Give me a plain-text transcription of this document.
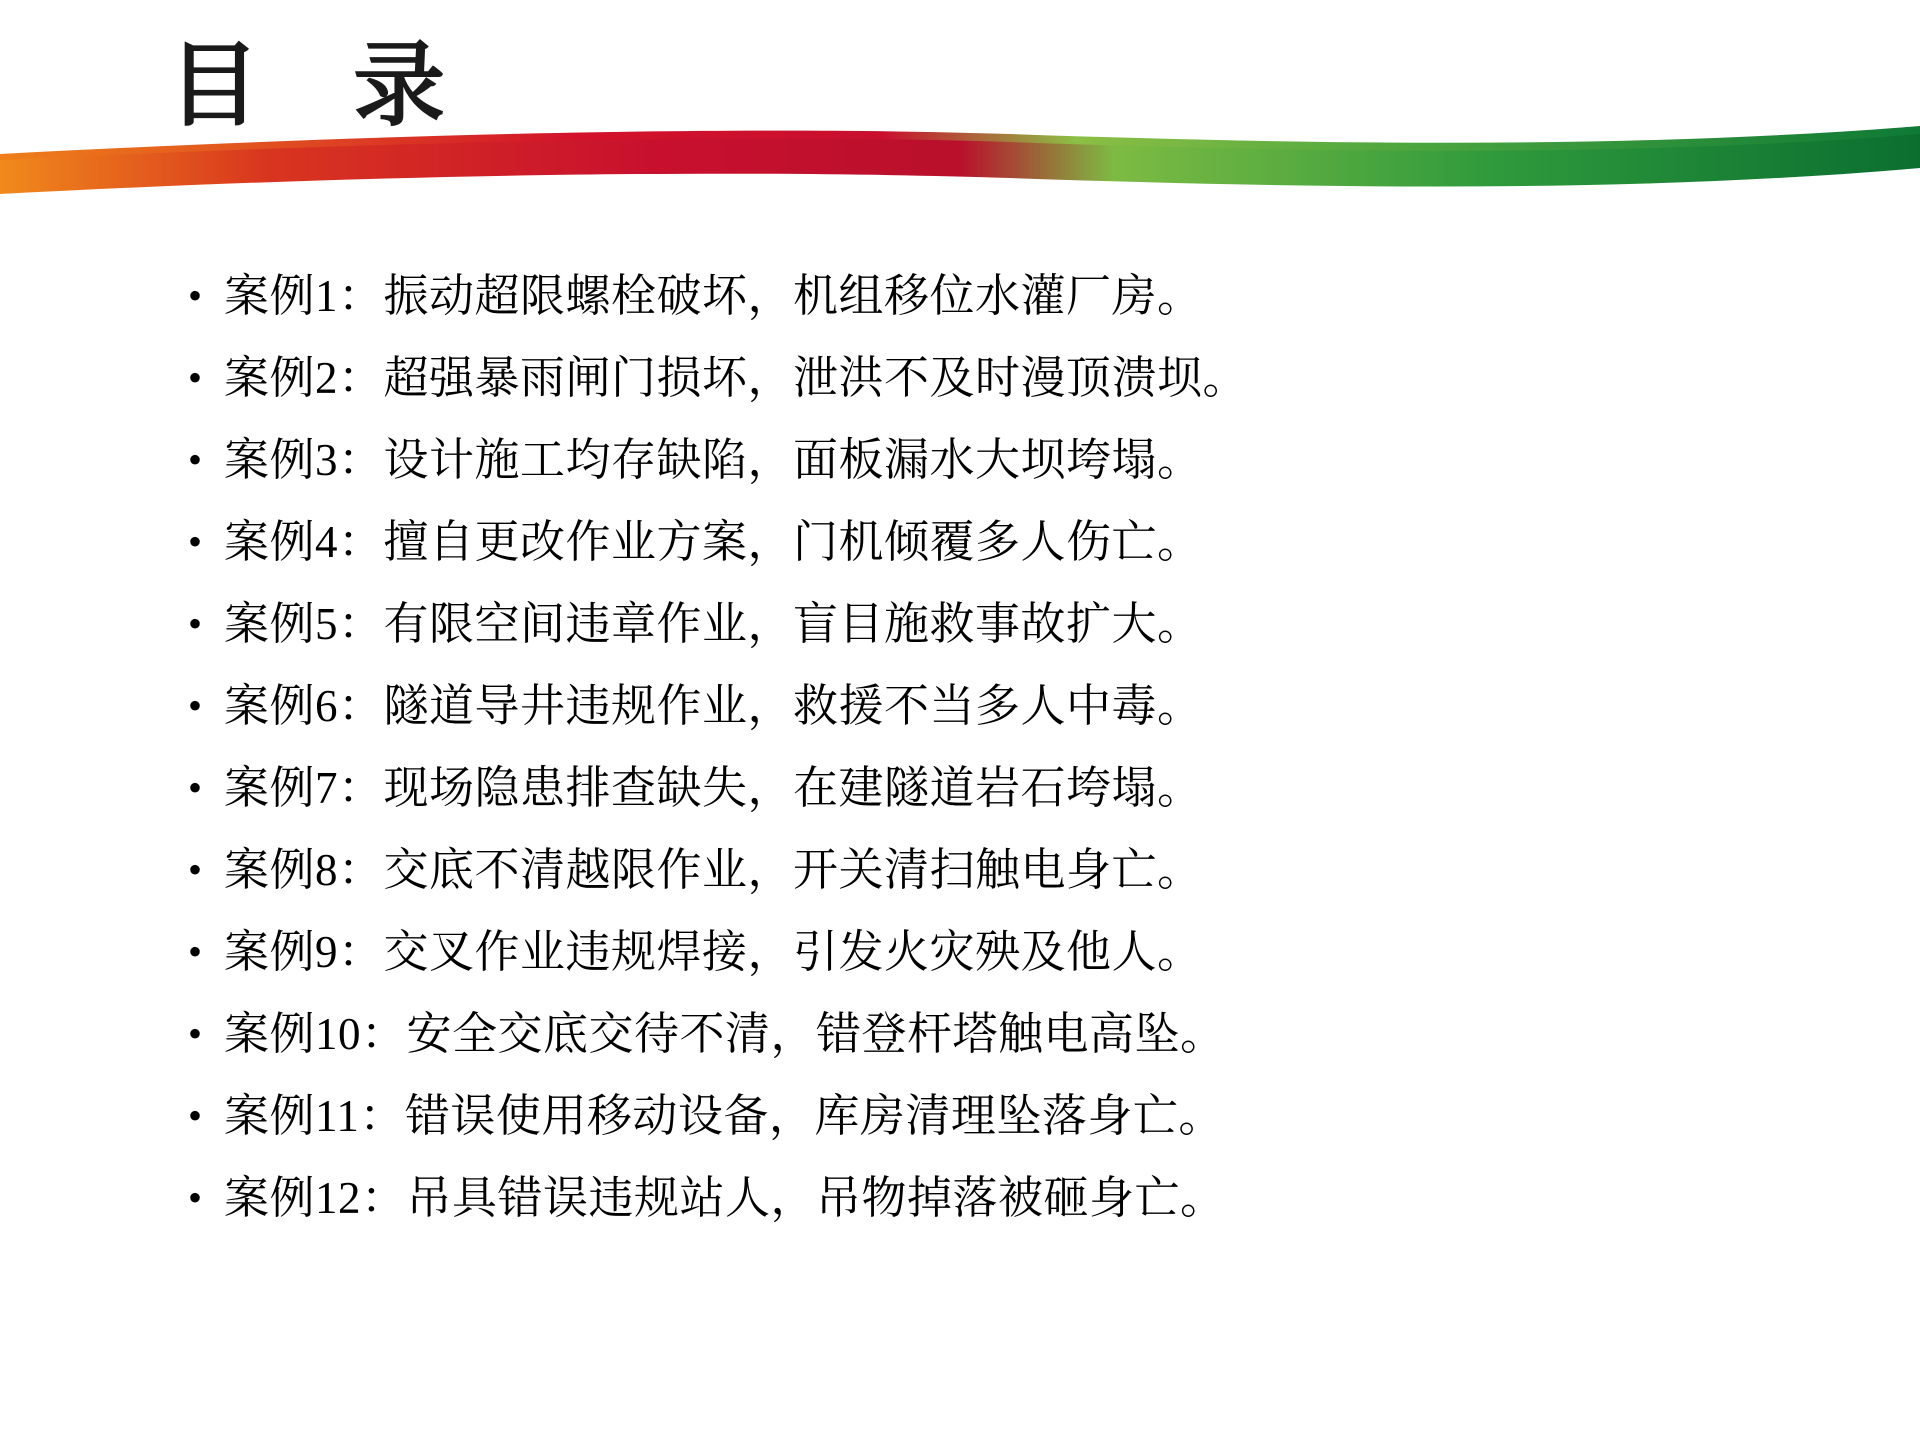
目  录
• 案例1：振动超限螺栓破坏，机组移位水灌厂房。
• 案例2：超强暴雨闸门损坏，泄洪不及时漫顶溃坝。
• 案例3：设计施工均存缺陷，面板漏水大坝垮塌。
• 案例4：擅自更改作业方案，门机倾覆多人伤亡。
• 案例5：有限空间违章作业，盲目施救事故扩大。
• 案例6：隧道导井违规作业，救援不当多人中毒。
• 案例7：现场隐患排查缺失，在建隧道岩石垮塌。
• 案例8：交底不清越限作业，开关清扫触电身亡。
• 案例9：交叉作业违规焊接，引发火灾殃及他人。
• 案例10：安全交底交待不清，错登杆塔触电高坠。
• 案例11：错误使用移动设备，库房清理坠落身亡。
• 案例12：吊具错误违规站人，吊物掉落被砸身亡。
